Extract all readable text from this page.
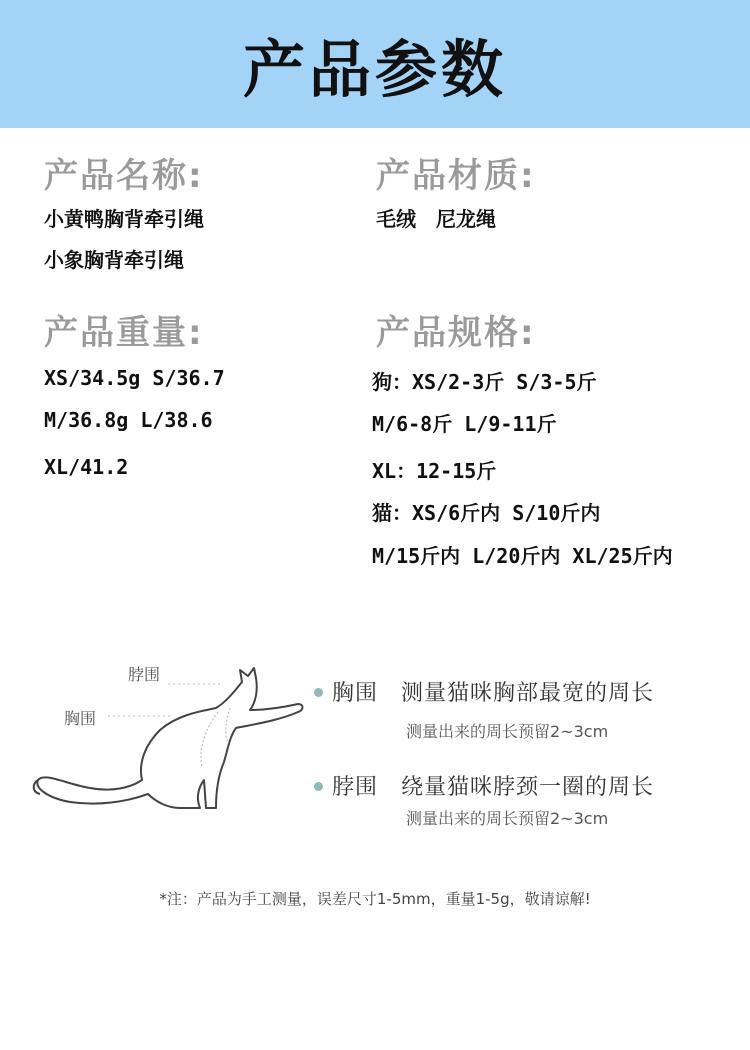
产品参数
产品名称:
小黄鸭胸背牵引绳
小象胸背牵引绳
产品材质:
毛绒　尼龙绳
产品重量:
XS/34.5g S/36.7
M/36.8g L/38.6
XL/41.2
产品规格:
狗：XS/2-3斤 S/3-5斤
M/6-8斤 L/9-11斤
XL：12-15斤
猫：XS/6斤内 S/10斤内
M/15斤内 L/20斤内 XL/25斤内
脖围
胸围
胸围　 测量猫咪胸部最宽的周长
测量出来的周长预留2~3cm
脖围　 绕量猫咪脖颈一圈的周长
测量出来的周长预留2~3cm
*注：产品为手工测量，误差尺寸1-5mm，重量1-5g，敬请谅解!
